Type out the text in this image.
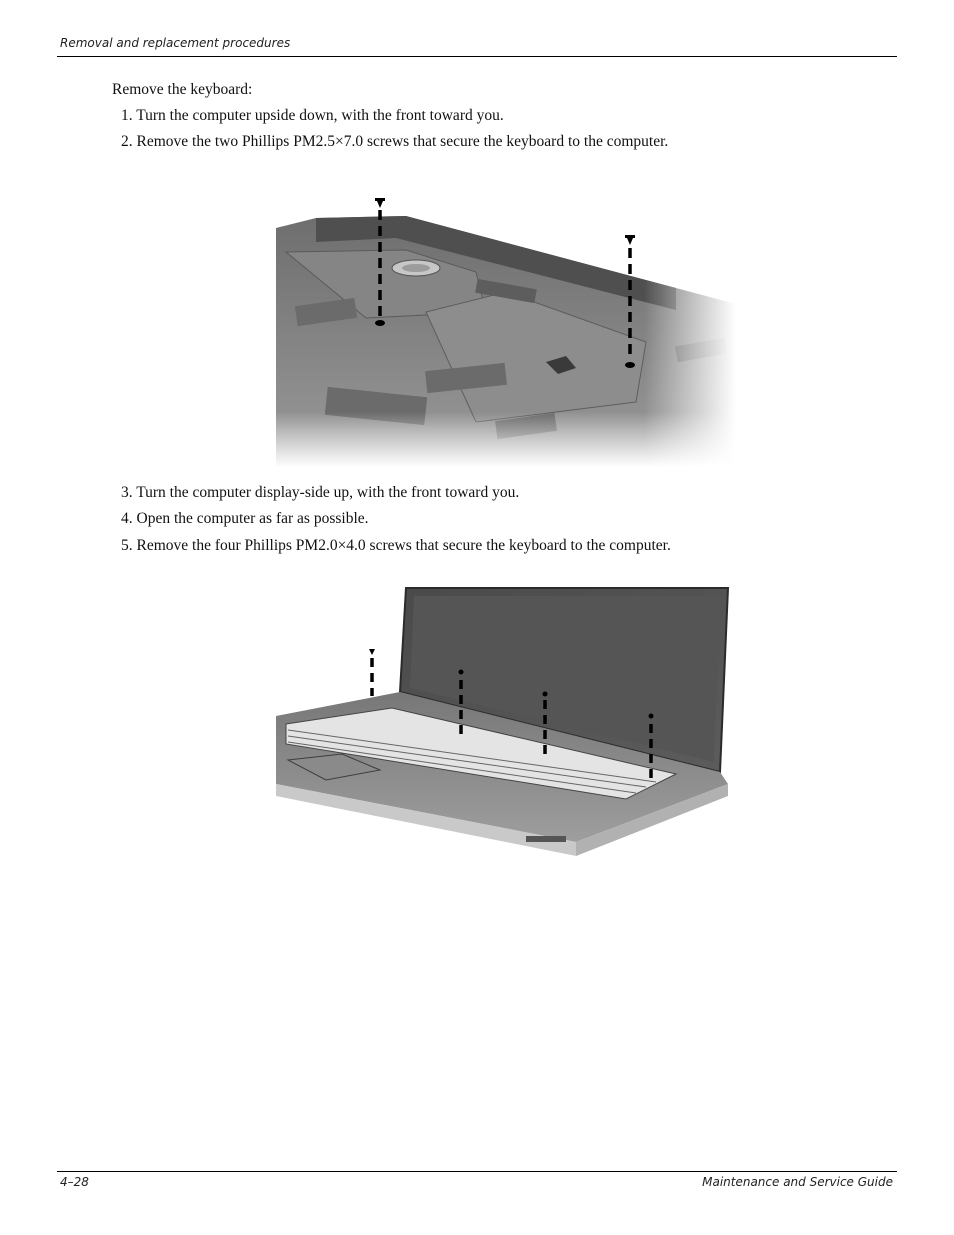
Removal and replacement procedures
Remove the keyboard:
1. Turn the computer upside down, with the front toward you.
2. Remove the two Phillips PM2.5×7.0 screws that secure the keyboard to the computer.
3. Turn the computer display-side up, with the front toward you.
4. Open the computer as far as possible.
5. Remove the four Phillips PM2.0×4.0 screws that secure the keyboard to the computer.
4–28	Maintenance and Service Guide
